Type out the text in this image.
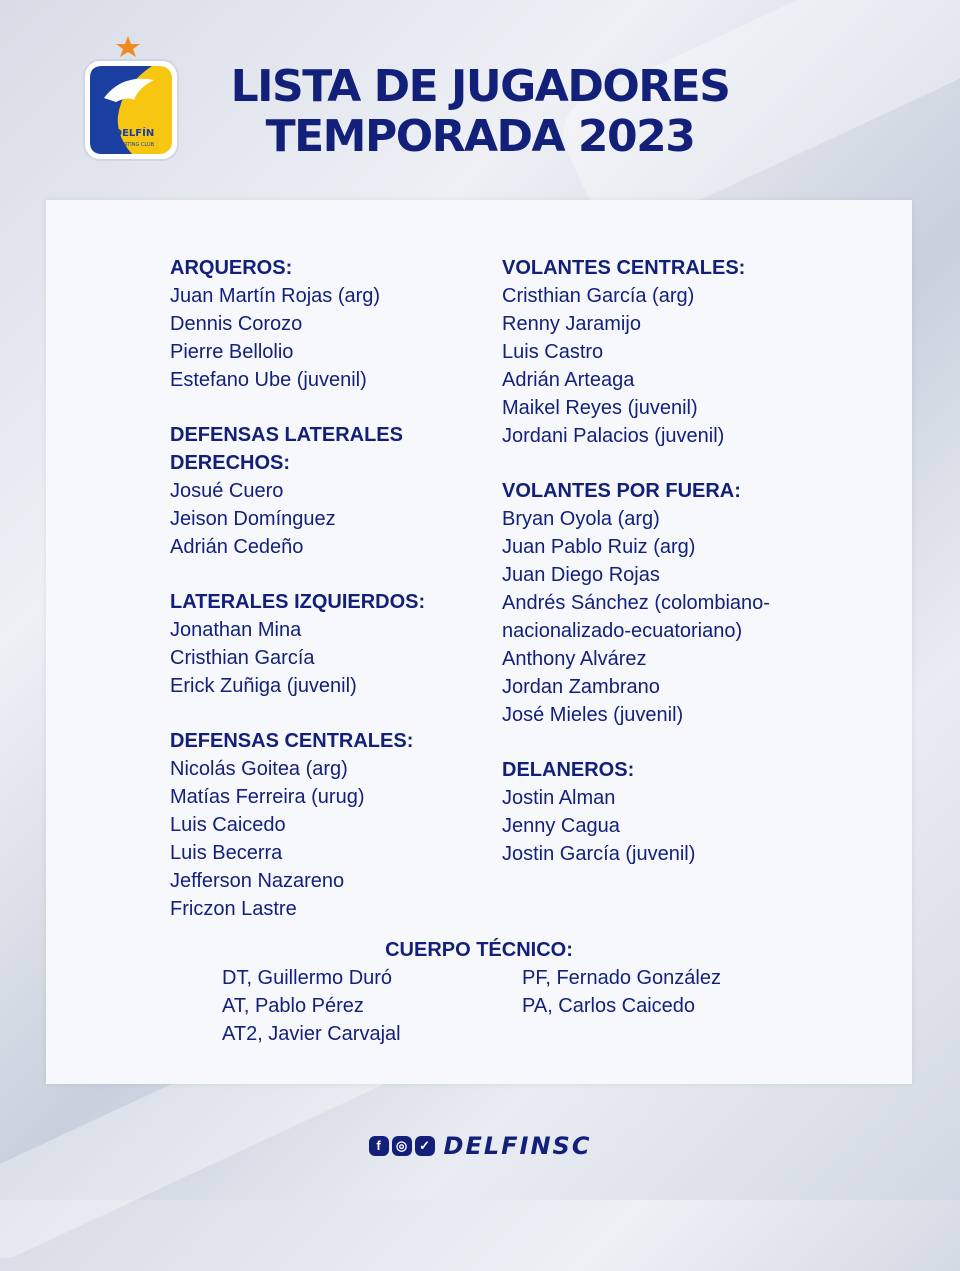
DELFÍN
SPORTING CLUB
LISTA DE JUGADORES
TEMPORADA 2023

ARQUEROS:

Juan Martín Rojas (arg)

Dennis Corozo

Pierre Bellolio

Estefano Ube (juvenil)

DEFENSAS LATERALES DERECHOS:

Josué Cuero

Jeison Domínguez

Adrián Cedeño

LATERALES IZQUIERDOS:

Jonathan Mina

Cristhian García

Erick Zuñiga (juvenil)

DEFENSAS CENTRALES:

Nicolás Goitea (arg)

Matías Ferreira (urug)

Luis Caicedo

Luis Becerra

Jefferson Nazareno

Friczon Lastre

VOLANTES CENTRALES:

Cristhian García (arg)

Renny Jaramijo

Luis Castro

Adrián Arteaga

Maikel Reyes (juvenil)

Jordani Palacios (juvenil)

VOLANTES POR FUERA:

Bryan Oyola (arg)

Juan Pablo Ruiz (arg)

Juan Diego Rojas

Andrés Sánchez (colombiano-nacionalizado-ecuatoriano)

Anthony Alvárez

Jordan Zambrano

José Mieles (juvenil)

DELANEROS:

Jostin Alman

Jenny Cagua

Jostin García (juvenil)

CUERPO TÉCNICO:

DT, Guillermo Duró

AT, Pablo Pérez

AT2, Javier Carvajal

PF, Fernado González

PA, Carlos Caicedo

f	◎ ✓ DELFINSC
